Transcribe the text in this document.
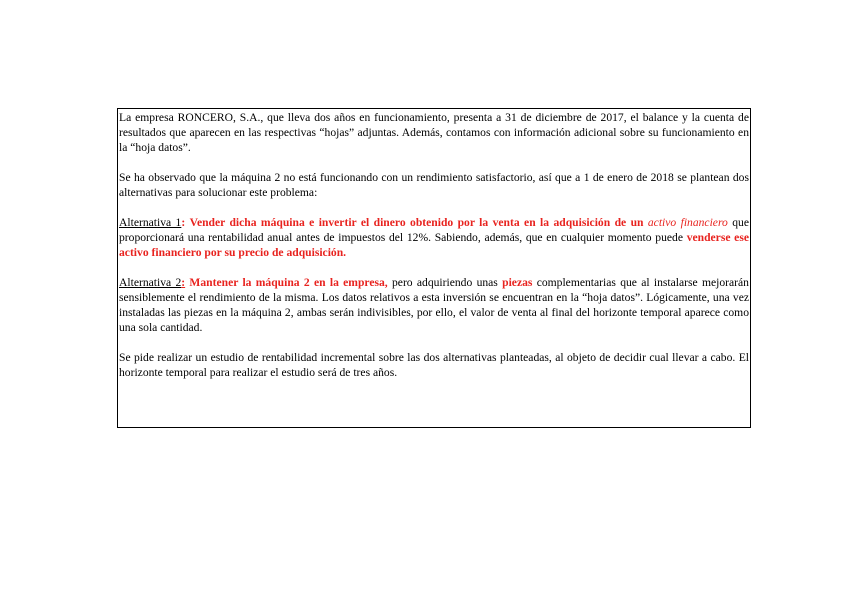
La empresa RONCERO, S.A., que lleva dos años en funcionamiento, presenta a 31 de diciembre de 2017, el balance y la cuenta de resultados que aparecen en las respectivas “hojas” adjuntas. Además, contamos con información adicional sobre su funcionamiento en la “hoja datos”.

Se ha observado que la máquina 2 no está funcionando con un rendimiento satisfactorio, así que a 1 de enero de 2018 se plantean dos alternativas para solucionar este problema:

Alternativa 1: Vender dicha máquina e invertir el dinero obtenido por la venta en la adquisición de un activo financiero que proporcionará una rentabilidad anual antes de impuestos del 12%. Sabiendo, además, que en cualquier momento puede venderse ese activo financiero por su precio de adquisición.

Alternativa 2: Mantener la máquina 2 en la empresa, pero adquiriendo unas piezas complementarias que al instalarse mejorarán sensiblemente el rendimiento de la misma. Los datos relativos a esta inversión se encuentran en la “hoja datos”. Lógicamente, una vez instaladas las piezas en la máquina 2, ambas serán indivisibles, por ello, el valor de venta al final del horizonte temporal aparece como una sola cantidad.

Se pide realizar un estudio de rentabilidad incremental sobre las dos alternativas planteadas, al objeto de decidir cual llevar a cabo. El horizonte temporal para realizar el estudio será de tres años.
